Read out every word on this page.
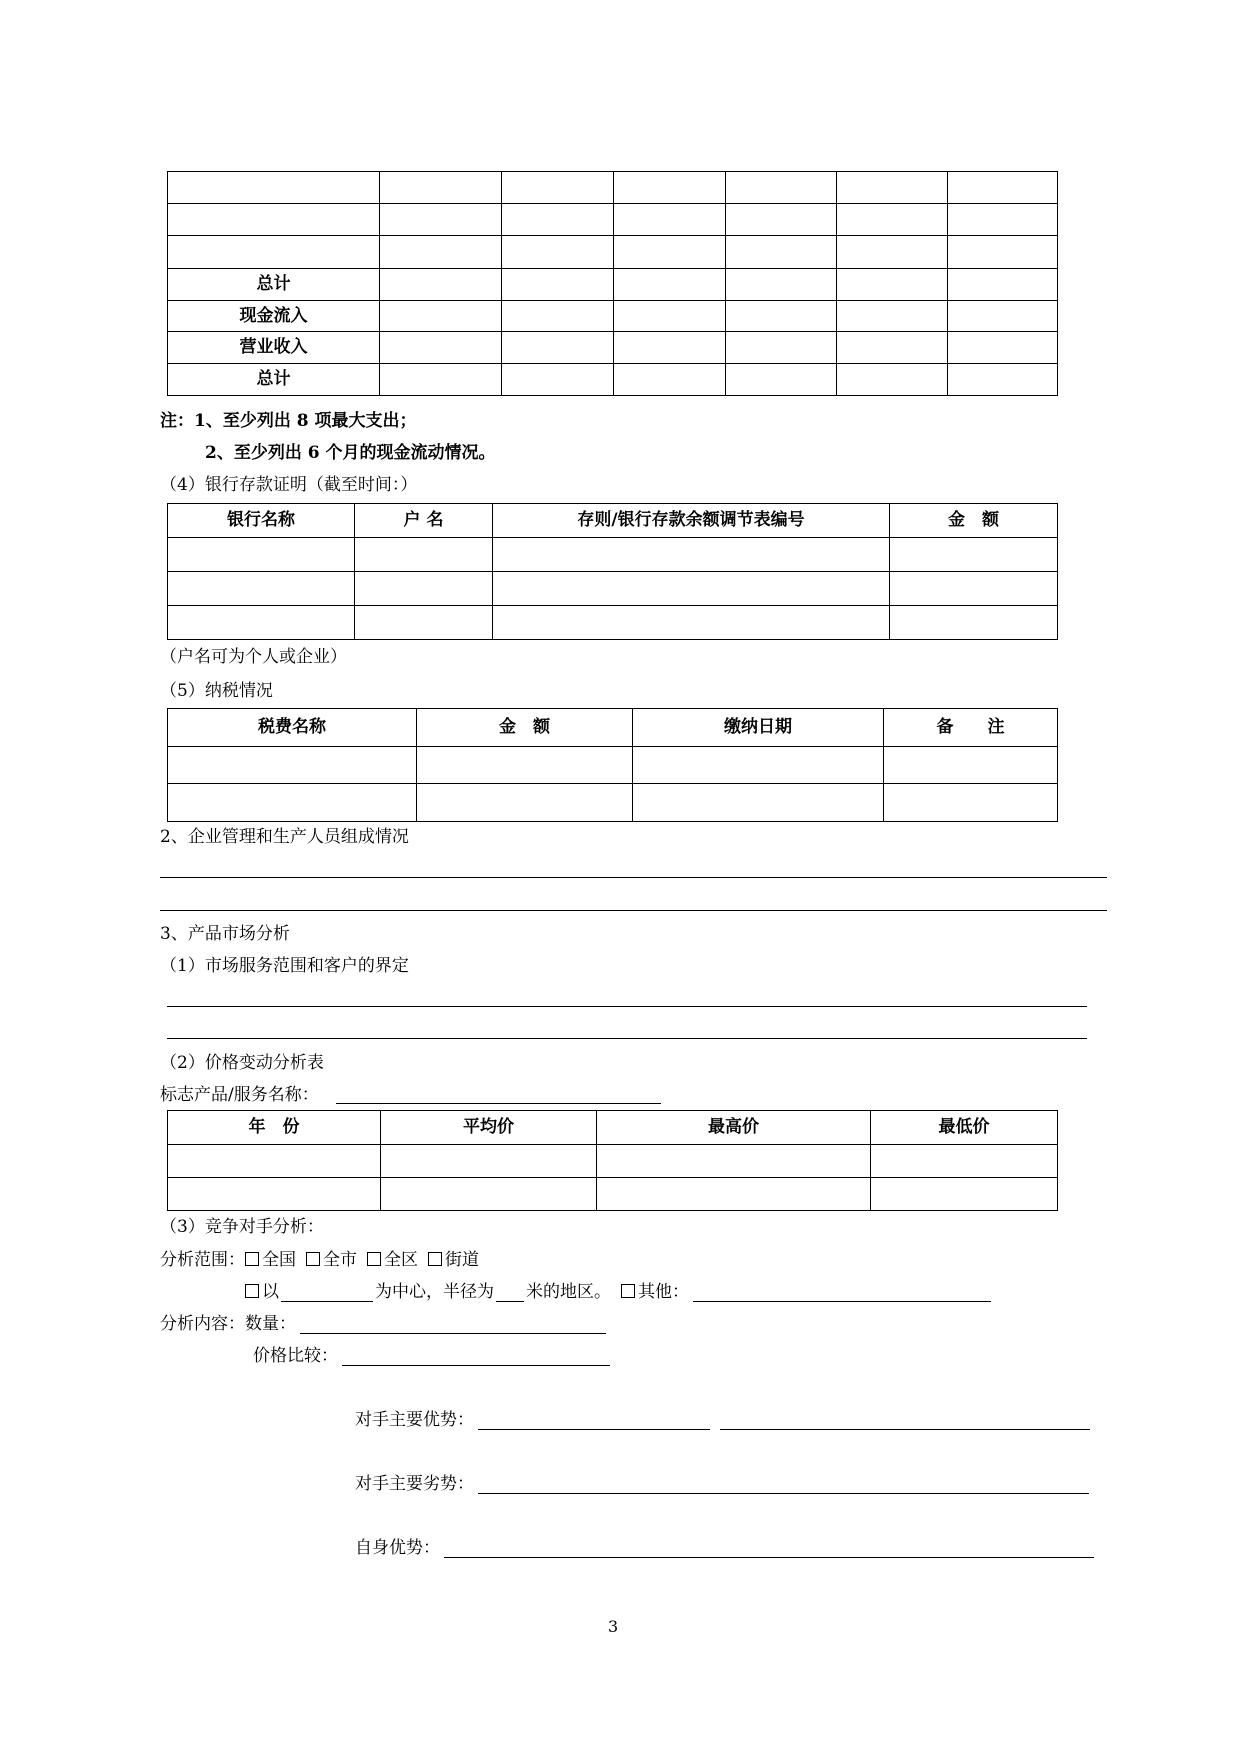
总计						
现金流入						
营业收入						
总计						
注：1、至少列出 8 项最大支出；
2、至少列出 6 个月的现金流动情况。
（4）银行存款证明（截至时间：）
银行名称	户 名	存则/银行存款余额调节表编号	金　额

（户名可为个人或企业）
（5）纳税情况
税费名称	金　额	缴纳日期	备　　注

2、企业管理和生产人员组成情况
3、产品市场分析
（1）市场服务范围和客户的界定
（2）价格变动分析表
标志产品/服务名称：
年　份	平均价	最高价	最低价

（3）竞争对手分析：
分析范围： 全国 全市 全区 街道
以	为中心，半径为 米的地区。 其他：
分析内容：数量：
价格比较：
对手主要优势：
对手主要劣势：
自身优势：
3
